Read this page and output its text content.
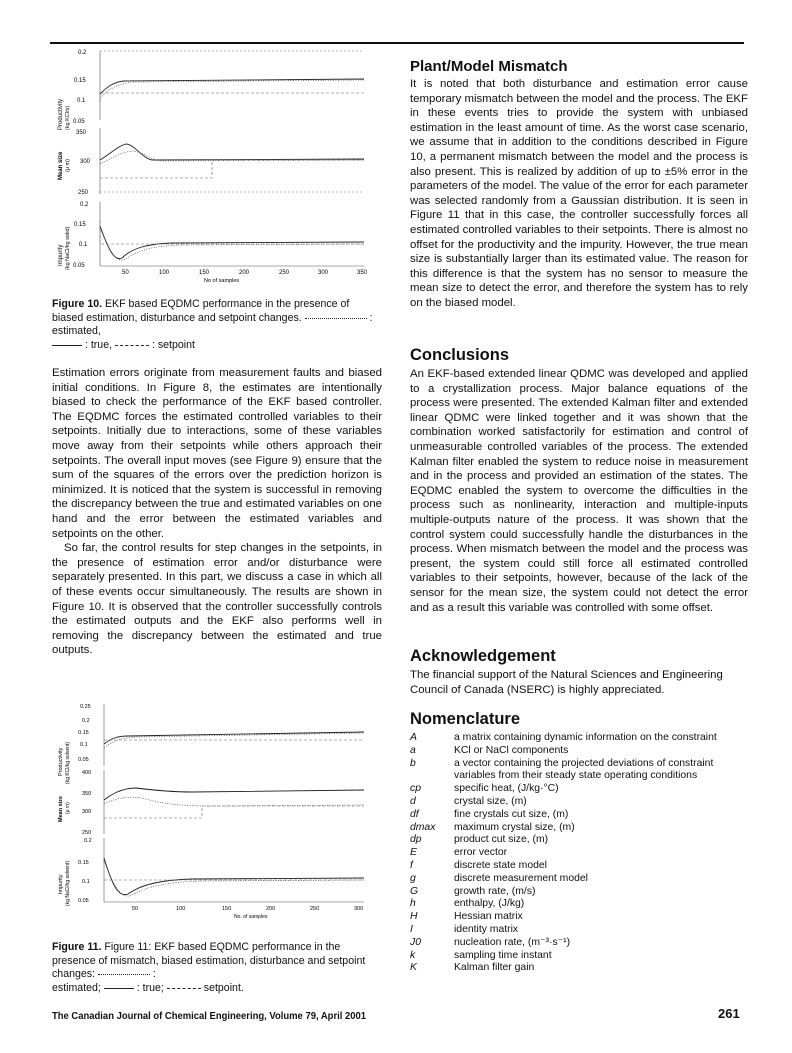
Productivity (kg KCl/s)
0.2
0.15
0.1
0.05
Mean size (μ m)
350
300
250
Impurity (kg NaCl/kg solid)
0.2
0.15
0.1
0.05
50	100	150	200	250	300	350
No of samples
Figure 10. EKF based EQDMC performance in the presence of biased estimation, disturbance and setpoint changes.	: estimated,
: true,	: setpoint

Estimation errors originate from measurement faults and biased initial conditions. In Figure 8, the estimates are intentionally biased to check the performance of the EKF based controller. The EQDMC forces the estimated controlled variables to their setpoints. Initially due to interactions, some of these variables move away from their setpoints while others approach their setpoints. The overall input moves (see Figure 9) ensure that the sum of the squares of the errors over the prediction horizon is minimized. It is noticed that the system is successful in removing the discrepancy between the true and estimated variables on one hand and the error between the estimated variables and setpoints on the other.

So far, the control results for step changes in the setpoints, in the presence of estimation error and/or disturbance were separately presented. In this part, we discuss a case in which all of these events occur simultaneously. The results are shown in Figure 10. It is observed that the controller successfully controls the estimated outputs and the EKF also performs well in removing the discrepancy between the estimated and true outputs.

Productivity (kg KCl/kg solvent)
0.25
0.2
0.15
0.1
0.05
Mean size (μ m)
400
350
300
250
Impurity (kg NaCl/kg solvent)
0.2
0.15
0.1
0.05
50	100	150	200	250	300
No. of samples
Figure 11. Figure 11: EKF based EQDMC performance in the presence of mismatch, biased estimation, disturbance and setpoint changes:	:
estimated;	: true;	setpoint.
Plant/Model Mismatch

It is noted that both disturbance and estimation error cause temporary mismatch between the model and the process. The EKF in these events tries to provide the system with unbiased estimation in the least amount of time. As the worst case scenario, we assume that in addition to the conditions described in Figure 10, a permanent mismatch between the model and the process is also present. This is realized by addition of up to ±5% error in the parameters of the model. The value of the error for each parameter was selected randomly from a Gaussian distribution. It is seen in Figure 11 that in this case, the controller successfully forces all estimated controlled variables to their setpoints. There is almost no offset for the productivity and the impurity. However, the true mean size is substantially larger than its estimated value. The reason for this difference is that the system has no sensor to measure the mean size to detect the error, and therefore the system has to rely on the biased model.

Conclusions

An EKF-based extended linear QDMC was developed and applied to a crystallization process. Major balance equations of the process were presented. The extended Kalman filter and extended linear QDMC were linked together and it was shown that the combination worked satisfactorily for estimation and control of unmeasurable controlled variables of the process. The extended Kalman filter enabled the system to reduce noise in measurement and in the process and provided an estimation of the states. The EQDMC enabled the system to overcome the difficulties in the process such as nonlinearity, interaction and multiple-inputs multiple-outputs nature of the process. It was shown that the control system could successfully handle the disturbances in the process. When mismatch between the model and the process was present, the system could still force all estimated controlled variables to their setpoints, however, because of the lack of the sensor for the mean size, the system could not detect the error and as a result this variable was controlled with some offset.

Acknowledgement

The financial support of the Natural Sciences and Engineering Council of Canada (NSERC) is highly appreciated.

Nomenclature
A	a matrix containing dynamic information on the constraint
a	KCl or NaCl components
b	a vector containing the projected deviations of constraint variables from their steady state operating conditions
cp	specific heat, (J/kg·°C)
d	crystal size, (m)
df	fine crystals cut size, (m)
dmax	maximum crystal size, (m)
dp	product cut size, (m)
E	error vector
f	discrete state model
g	discrete measurement model
G	growth rate, (m/s)
h	enthalpy, (J/kg)
H	Hessian matrix
I	identity matrix
J0	nucleation rate, (m⁻³·s⁻¹)
k	sampling time instant
K	Kalman filter gain
The Canadian Journal of Chemical Engineering, Volume 79, April 2001	261
